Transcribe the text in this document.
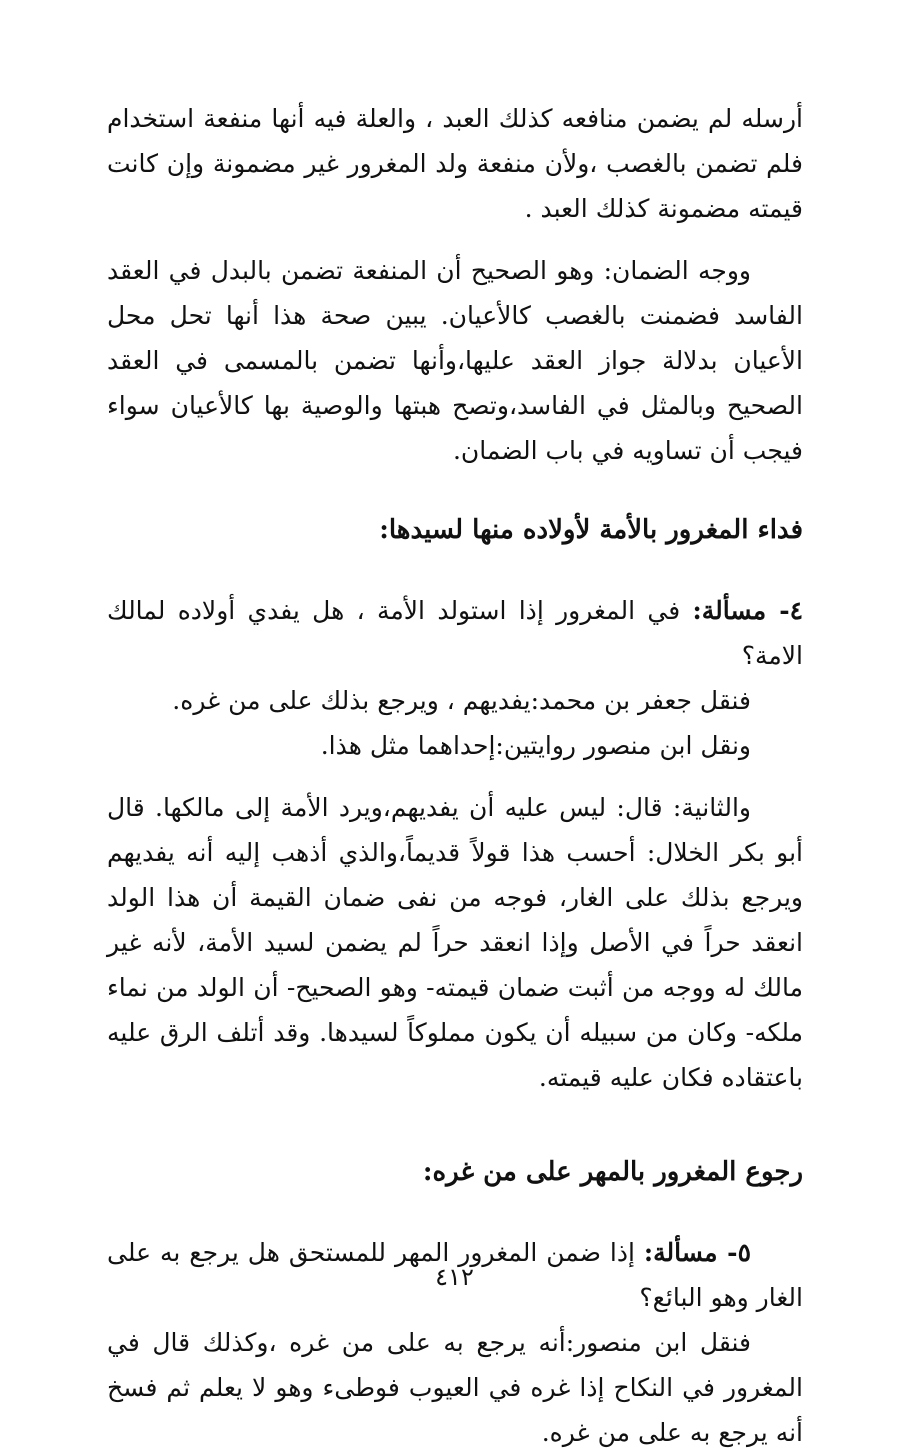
أرسله لم يضمن منافعه كذلك العبد ، والعلة فيه أنها منفعة استخدام فلم تضمن بالغصب ،ولأن منفعة ولد المغرور غير مضمونة وإن كانت قيمته مضمونة كذلك العبد .

ووجه الضمان: وهو الصحيح أن المنفعة تضمن بالبدل في العقد الفاسد فضمنت بالغصب كالأعيان. يبين صحة هذا أنها تحل محل الأعيان بدلالة جواز العقد عليها،وأنها تضمن بالمسمى في العقد الصحيح وبالمثل في الفاسد،وتصح هبتها والوصية بها كالأعيان سواء فيجب أن تساويه في باب الضمان.

فداء المغرور بالأمة لأولاده منها لسيدها:

٤- مسألة: في المغرور إذا استولد الأمة ، هل يفدي أولاده لمالك الامة؟
فنقل جعفر بن محمد:يفديهم ، ويرجع بذلك على من غره.
ونقل ابن منصور روايتين:إحداهما مثل هذا.

والثانية: قال: ليس عليه أن يفديهم،ويرد الأمة إلى مالكها. قال أبو بكر الخلال: أحسب هذا قولاً قديماً،والذي أذهب إليه أنه يفديهم ويرجع بذلك على الغار، فوجه من نفى ضمان القيمة أن هذا الولد انعقد حراً في الأصل وإذا انعقد حراً لم يضمن لسيد الأمة، لأنه غير مالك له ووجه من أثبت ضمان قيمته- وهو الصحيح- أن الولد من نماء ملكه- وكان من سبيله أن يكون مملوكاً لسيدها. وقد أتلف الرق عليه باعتقاده فكان عليه قيمته.

رجوع المغرور بالمهر على من غره:

٥- مسألة: إذا ضمن المغرور المهر للمستحق هل يرجع به على الغار وهو البائع؟

فنقل ابن منصور:أنه يرجع به على من غره ،وكذلك قال في المغرور في النكاح إذا غره في العيوب فوطىء وهو لا يعلم ثم فسخ أنه يرجع به على من غره.

٤١٢
